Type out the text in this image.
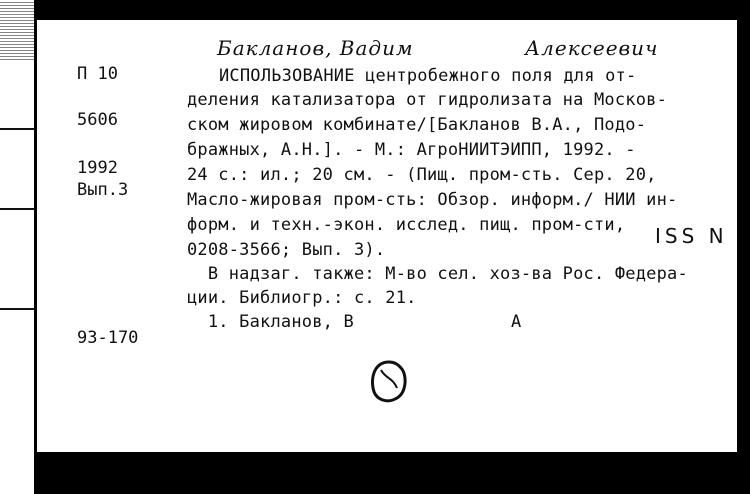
Бакланов, Вадим	Алексеевич
П 10
5606
1992
Вып.3
93-170
ИСПОЛЬЗОВАНИЕ центробежного поля для от-
деления катализатора от гидролизата на Москов-
ском жировом комбинате/[Бакланов В.А., Подо-
бражных, А.Н.]. - М.: АгроНИИТЭИПП, 1992. -
24 с.: ил.; 20 см. - (Пищ. пром-сть. Сер. 20,
Масло-жировая пром-сть: Обзор. информ./ НИИ ин-
форм. и техн.-экон. исслед. пищ. пром-сти,
0208-3566; Вып. 3).
В надзаг. также: М-во сел. хоз-ва Рос. Федера-
ции. Библиогр.: с. 21.
1. Бакланов, В
ISS N
А
